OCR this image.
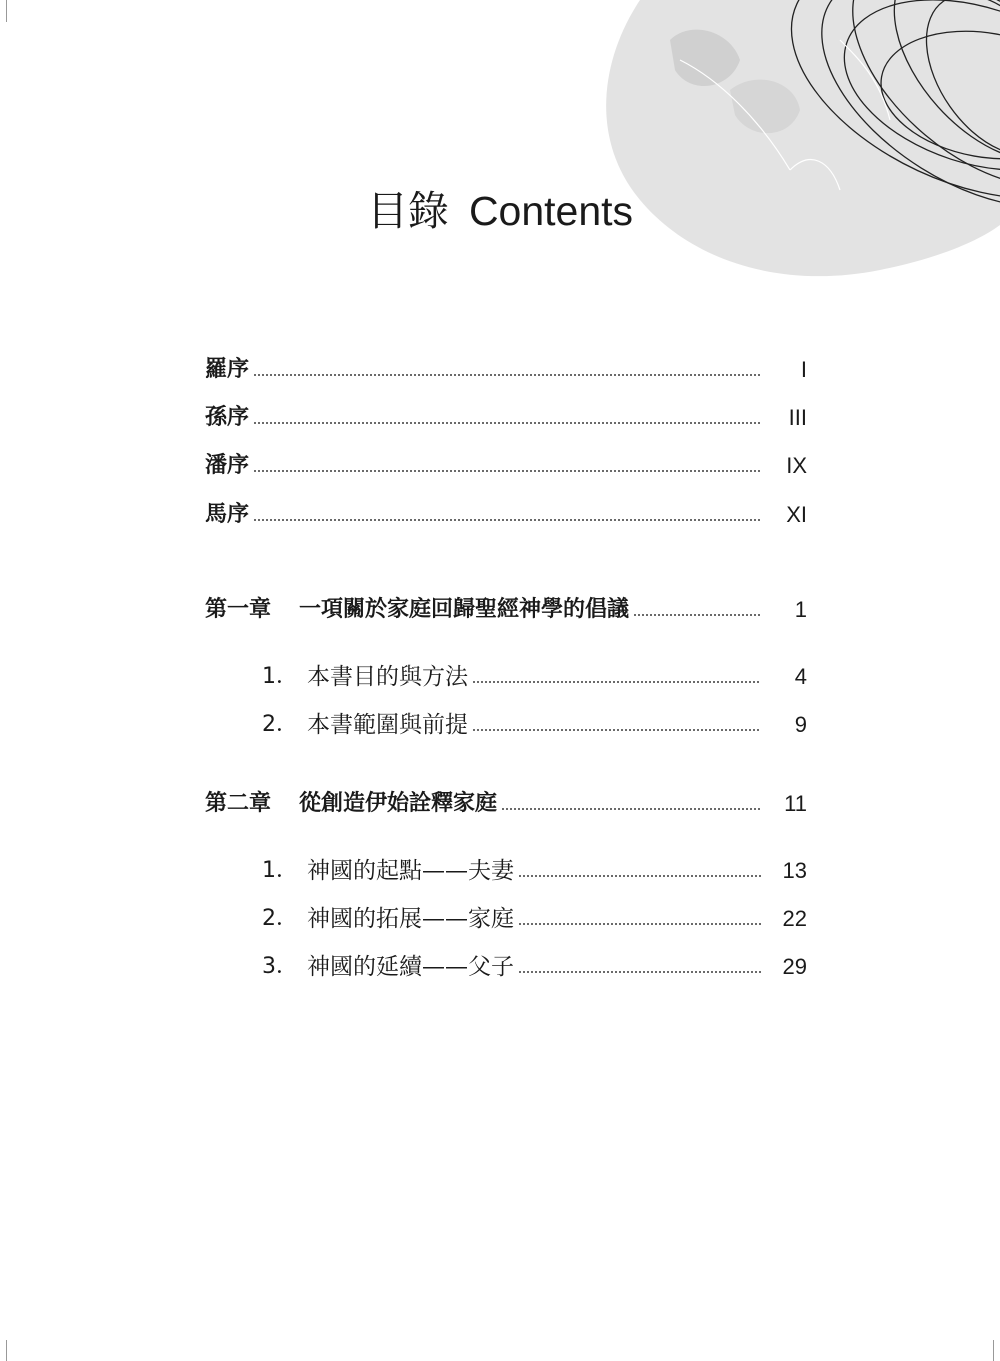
目錄 Contents
羅序	I
孫序	III
潘序	IX
馬序	XI
第一章 一項關於家庭回歸聖經神學的倡議	1
1． 本書目的與方法	4
2． 本書範圍與前提	9
第二章 從創造伊始詮釋家庭	11
1． 神國的起點——夫妻	13
2． 神國的拓展——家庭	22
3． 神國的延續——父子	29
